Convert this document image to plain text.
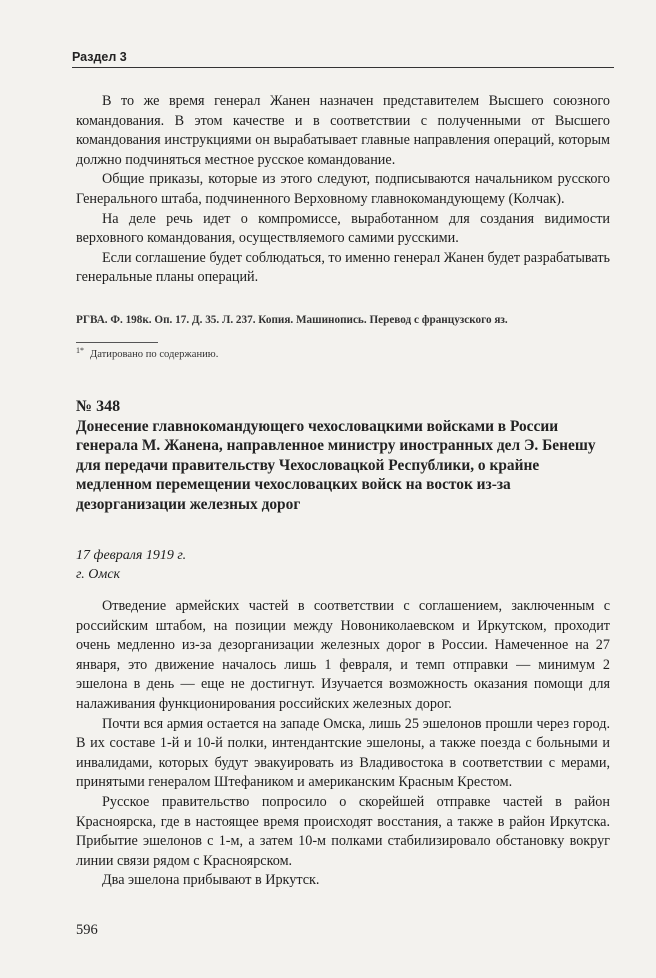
Раздел 3

В то же время генерал Жанен назначен представителем Высшего союзного командования. В этом качестве и в соответствии с полученными от Высшего командования инструкциями он вырабатывает главные направления операций, которым должно подчиняться местное русское командование.

Общие приказы, которые из этого следуют, подписываются начальником русского Генерального штаба, подчиненного Верховному главнокомандующему (Колчак).

На деле речь идет о компромиссе, выработанном для создания видимости верховного командования, осуществляемого самими русскими.

Если соглашение будет соблюдаться, то именно генерал Жанен будет разрабатывать генеральные планы операций.

РГВА. Ф. 198к. Оп. 17. Д. 35. Л. 237. Копия. Машинопись. Перевод с французского яз.
$^{1*}$ Датировано по содержанию.
№ 348
Донесение главнокомандующего чехословацкими войсками в России генерала М. Жанена, направленное министру иностранных дел Э. Бенешу для передачи правительству Чехословацкой Республики, о крайне медленном перемещении чехословацких войск на восток из-за дезорганизации железных дорог
17 февраля 1919 г.
г. Омск

Отведение армейских частей в соответствии с соглашением, заключенным с российским штабом, на позиции между Новониколаевском и Иркутском, проходит очень медленно из-за дезорганизации железных дорог в России. Намеченное на 27 января, это движение началось лишь 1 февраля, и темп отправки — минимум 2 эшелона в день — еще не достигнут. Изучается возможность оказания помощи для налаживания функционирования российских железных дорог.

Почти вся армия остается на западе Омска, лишь 25 эшелонов прошли через город. В их составе 1-й и 10-й полки, интендантские эшелоны, а также поезда с больными и инвалидами, которых будут эвакуировать из Владивостока в соответствии с мерами, принятыми генералом Штефаником и американским Красным Крестом.

Русское правительство попросило о скорейшей отправке частей в район Красноярска, где в настоящее время происходят восстания, а также в район Иркутска. Прибытие эшелонов с 1-м, а затем 10-м полками стабилизировало обстановку вокруг линии связи рядом с Красноярском.

Два эшелона прибывают в Иркутск.

596
